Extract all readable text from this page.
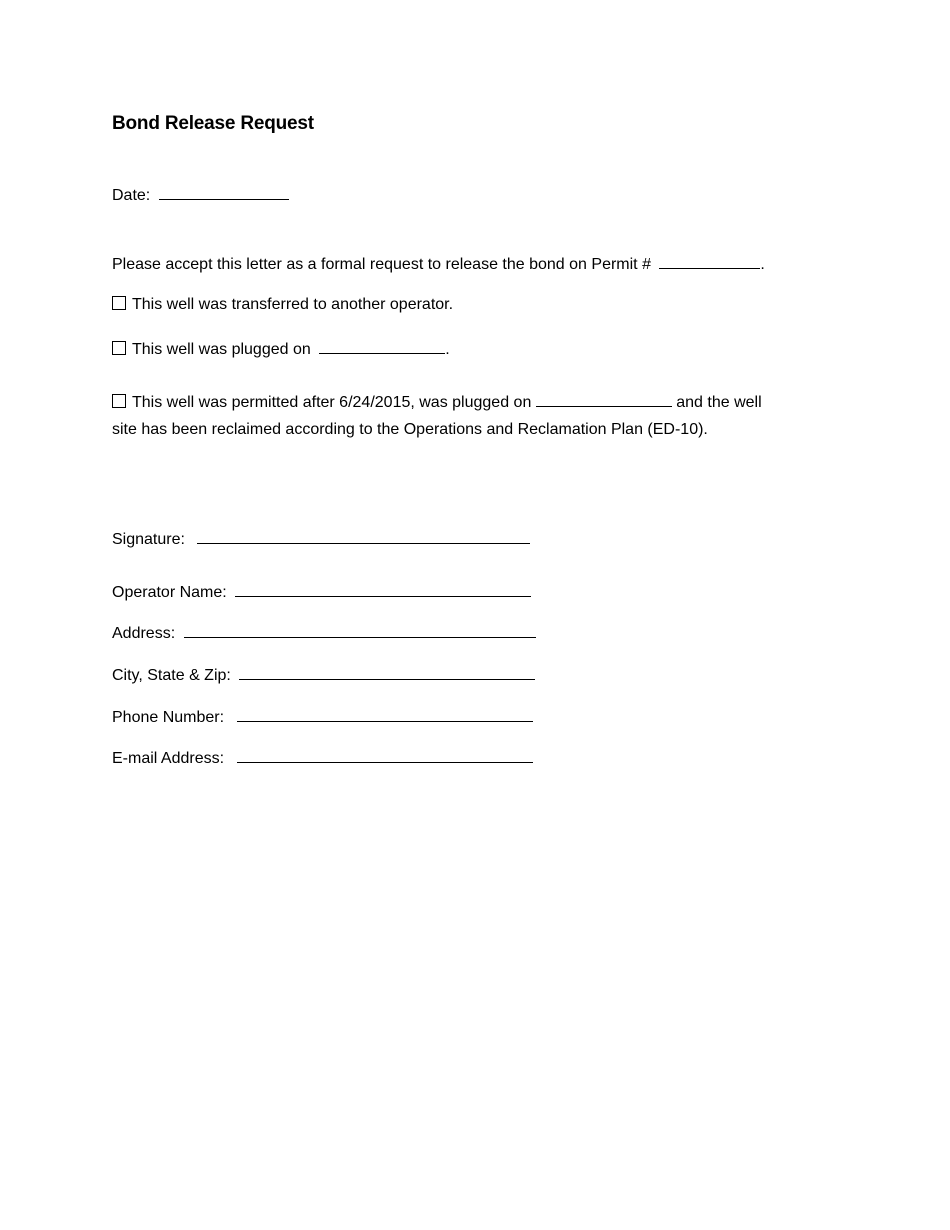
Bond Release Request
Date:
Please accept this letter as a formal request to release the bond on Permit #	.
This well was transferred to another operator.
This well was plugged on	.
This well was permitted after 6/24/2015, was plugged on	and the well
site has been reclaimed according to the Operations and Reclamation Plan (ED-10).
Signature:
Operator Name:
Address:
City, State & Zip:
Phone Number:
E-mail Address:
